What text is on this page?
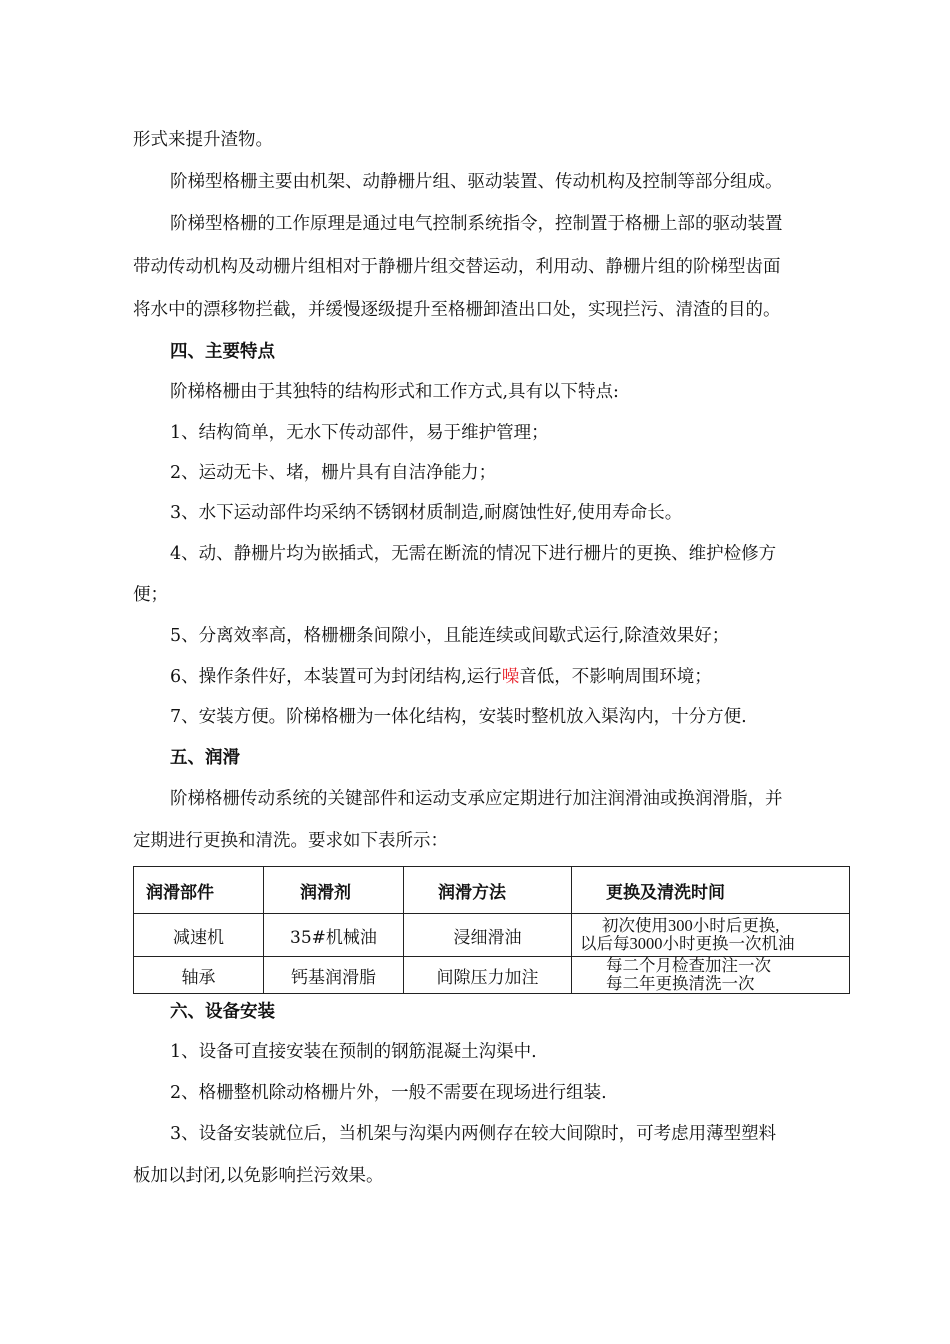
形式来提升渣物。
阶梯型格栅主要由机架、动静栅片组、驱动装置、传动机构及控制等部分组成。
阶梯型格栅的工作原理是通过电气控制系统指令，控制置于格栅上部的驱动装置
带动传动机构及动栅片组相对于静栅片组交替运动，利用动、静栅片组的阶梯型齿面
将水中的漂移物拦截，并缓慢逐级提升至格栅卸渣出口处，实现拦污、清渣的目的。
四、主要特点
阶梯格栅由于其独特的结构形式和工作方式,具有以下特点:
1、结构简单，无水下传动部件，易于维护管理；
2、运动无卡、堵，栅片具有自洁净能力；
3、水下运动部件均采纳不锈钢材质制造,耐腐蚀性好,使用寿命长。
4、动、静栅片均为嵌插式，无需在断流的情况下进行栅片的更换、维护检修方
便；
5、分离效率高，格栅栅条间隙小，且能连续或间歇式运行,除渣效果好；
6、操作条件好，本装置可为封闭结构,运行噪音低，不影响周围环境；
7、安装方便。阶梯格栅为一体化结构，安装时整机放入渠沟内，十分方便.
五、润滑
阶梯格栅传动系统的关键部件和运动支承应定期进行加注润滑油或换润滑脂，并
定期进行更换和清洗。要求如下表所示：
润滑部件	润滑剂	润滑方法	更换及清洗时间
减速机	35#机械油	浸细滑油	初次使用300小时后更换,
以后每3000小时更换一次机油

轴承	钙基润滑脂	间隙压力加注	每二个月检查加注一次
每二年更换清洗一次
六、设备安装
1、设备可直接安装在预制的钢筋混凝土沟渠中.
2、格栅整机除动格栅片外，一般不需要在现场进行组装.
3、设备安装就位后，当机架与沟渠内两侧存在较大间隙时，可考虑用薄型塑料
板加以封闭,以免影响拦污效果。
